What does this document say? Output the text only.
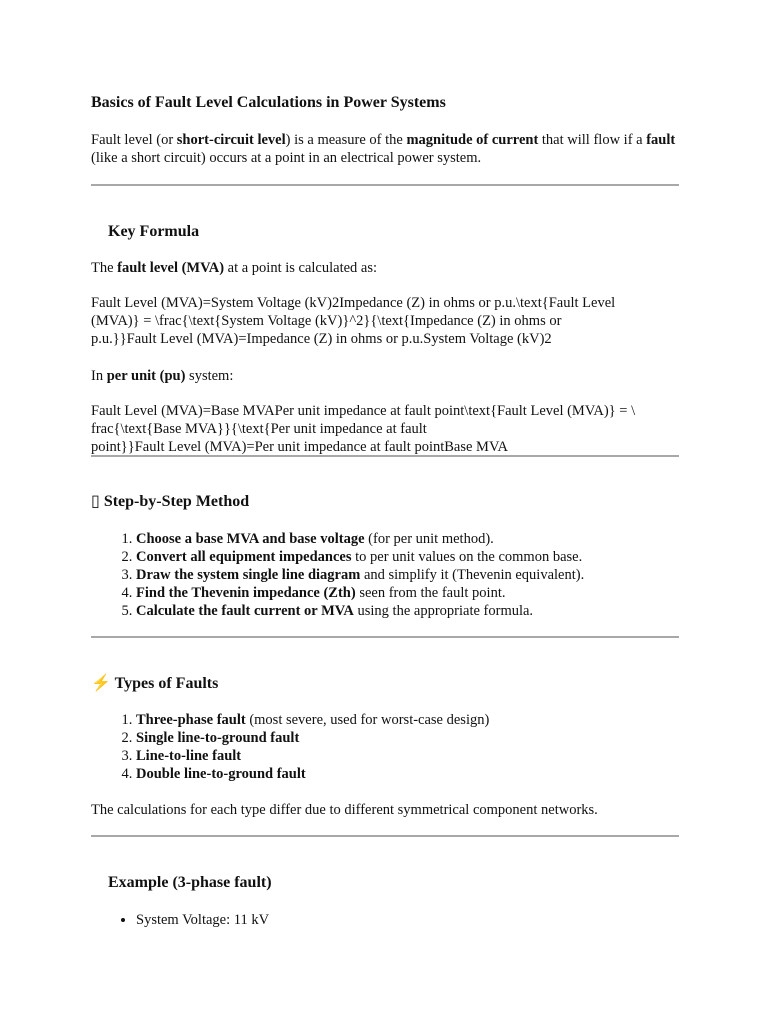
Basics of Fault Level Calculations in Power Systems

Fault level (or short-circuit level) is a measure of the magnitude of current that will flow if a fault (like a short circuit) occurs at a point in an electrical power system.

Key Formula

The fault level (MVA) at a point is calculated as:

Fault Level (MVA)=System Voltage (kV)2Impedance (Z) in ohms or p.u.\text{Fault Level
(MVA)} = \frac{\text{System Voltage (kV)}^2}{\text{Impedance (Z) in ohms or
p.u.}}Fault Level (MVA)=Impedance (Z) in ohms or p.u.System Voltage (kV)2

In per unit (pu) system:

Fault Level (MVA)=Base MVAPer unit impedance at fault point\text{Fault Level (MVA)} = \
frac{\text{Base MVA}}{\text{Per unit impedance at fault
point}}Fault Level (MVA)=Per unit impedance at fault pointBase MVA
▯ Step-by-Step Method
1. Choose a base MVA and base voltage (for per unit method).
2. Convert all equipment impedances to per unit values on the common base.
3. Draw the system single line diagram and simplify it (Thevenin equivalent).
4. Find the Thevenin impedance (Zth) seen from the fault point.
5. Calculate the fault current or MVA using the appropriate formula.
⚡ Types of Faults
1. Three-phase fault (most severe, used for worst-case design)
2. Single line-to-ground fault
3. Line-to-line fault
4. Double line-to-ground fault

The calculations for each type differ due to different symmetrical component networks.

Example (3-phase fault)
• System Voltage: 11 kV
